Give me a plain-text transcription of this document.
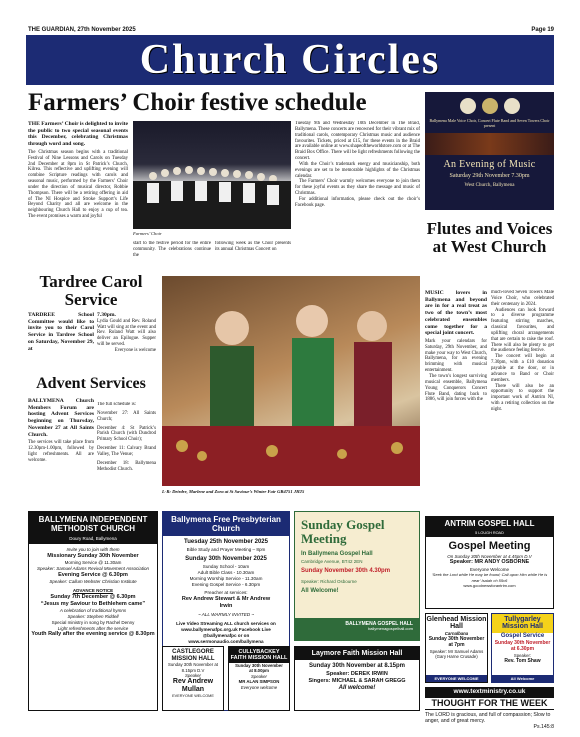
THE GUARDIAN, 27th November 2025	Page 19
Church Circles
Farmers’ Choir festive schedule

THE Farmers’ Choir is delighted to invite the public to two special seasonal events this December, celebrating Christmas through word and song.

The Christmas season begins with a traditional Festival of Nine Lessons and Carols on Tuesday 2nd December at 8pm in St Patrick’s Church, Kilrea. This reflective and uplifting evening will combine Scripture readings with carols and seasonal music, performed by the Farmers’ Choir under the direction of musical director, Robbie Thompson. There will be a retiring offering in aid of The NI Hospice and Stroke Support’s Life Beyond Charity and all are welcome in the neighbouring Church Hall to enjoy a cup of tea. The event promises a warm and joyful

Farmers’ Choir
start to the festive period for the entire community. The celebrations continue the
following week as the Choir presents its annual Christmas Concert on

Tuesday 9th and Wednesday 10th December in The Braid, Ballymena. These concerts are renowned for their vibrant mix of traditional carols, contemporary Christmas music and audience favourites. Tickets, priced at £15, for these events in the Braid are available online at www.shapeoftheworldstore.com or at The Braid Box Office. There will be light refreshments following the concert.

With the Choir’s trademark energy and musicianship, both evenings are set to be memorable highlights of the Christmas calendar.

The Farmers’ Choir warmly welcomes everyone to join them for these joyful events as they share the message and music of Christmas.

For additional information, please check out the choir’s Facebook page.

Ballymena Male Voice Choir, Concert Flute Band and Seven Towers Choir
present
An Evening of Music
Saturday 29th November 7.30pm
West Church, Ballymena
Tardree Carol Service

TARDREE School Committee would like to invite you to their Carol Service in Tardree School on Saturday, November 29, at

7.30pm.

Lydia Gould and Rev. Roland Watt will sing at the event and Rev. Roland Watt will also deliver an Epilogue. Supper will be served.

Everyone is welcome

Advent Services

BALLYMENA Church Members Forum are hosting Advent Services beginning on Thursday, November 27 at All Saints Church.

The services will take place from 12.30pm-1.00pm, followed by light refreshments. All are welcome.

The full schedule is:

November 27: All Saints Church;

December 4: St Patrick’s Parish Church (with Dundrod Primary School Choir);

December 11: Calvary Brand Valley, The Venue;

December 18: Ballymena Methodist Church.

L-R: Deirdre, Marlene and Zora at St Saviour’s Winter Fair GB4751 JH25
Flutes and Voices at West Church

MUSIC lovers in Ballymena and beyond are in for a real treat as two of the town’s most celebrated ensembles come together for a special joint concert.

Mark your calendars for Saturday, 29th November, and make your way to West Church, Ballymena, for an evening brimming with musical entertainment.

The town’s longest surviving musical ensemble, Ballymena Young Conquerors Concert Flute Band, dating back to 1886, will join forces with the

much-loved Seven Towers Male Voice Choir, who celebrated their centenary in 2024.

Audiences can look forward to a diverse programme featuring stirring marches, classical favourites, and uplifting choral arrangements that are certain to raise the roof. There will also be plenty to get the audience feeling festive.

The concert will begin at 7.30pm, with a £10 donation payable at the door, or in advance to Band or Choir members.

There will also be an opportunity to support the important work of Antrim NI, with a retiring collection on the night.

BALLYMENA INDEPENDENT METHODIST CHURCH
Doury Road, Ballymena
Invite you to join with them
Missionary Sunday 30th November
Morning Service @ 11.30am
Speaker: Samuel Adams Revival Movement Association
Evening Service @ 6.30pm
Speaker: Callum Webster Christian Institute
ADVANCE NOTICE
Sunday 7th December @ 6.30pm
“Jesus my Saviour to Bethlehem came”
A celebration of traditional hymns
Speaker: Stephen Riddell
Special ministry in song by Rachel Denny
Light refreshments after the service
Youth Rally after the evening service @ 8.30pm
Ballymena Free Presbyterian Church
Tuesday 25th November 2025
Bible Study and Prayer Meeting – 8pm
Sunday 30th November 2025
Sunday School - 10am
Adult Bible Class - 10.30am
Morning Worship Service - 11.30am
Evening Gospel Service - 6.30pm
Preacher at services:
Rev Andrew Stewart & Mr Andrew Irwin
~ ALL WARMLY INVITED ~
Live Video Streaming ALL church services on www.ballymenafpc.org.uk Facebook Live @ballymenafpc or on www.sermonaudio.com/ballymena
Sunday Gospel Meeting
In Ballymena Gospel Hall
Cambridge Avenue, BT42 2EN
Sunday November 30th 4.30pm
Speaker: Richard Osbourne
All Welcome!
BALLYMENA GOSPEL HALL
ballymenagospelhall.com
ANTRIM GOSPEL HALL
5 LOUGH ROAD
Gospel Meeting
On Sunday 30th November at 4.45pm D.V
Speaker: MR ANDY OSBORNE
Everyone Welcome
‘Seek the Lord while He may be found; Call upon Him while He is near’ Isaiah ch 55v6
www.goodnewsforantrim.com
Glenhead Mission Hall
Carnalbana
Sunday 30th November at 7pm
Speaker: Mr Samuel Adams (Gary Harne Crusade)
EVERYONE WELCOME
Tullygarley Mission Hall
Gospel Service
Sunday 30th November at 6.30pm
Speaker:
Rev. Tom Shaw
All Welcome
CASTLEGORE MISSION HALL
Sunday 30th November at 8.15pm D.V
Speaker
Rev Andrew Mullan
EVERYONE WELCOME
CULLYBACKEY FAITH MISSION HALL
Sunday 30th November
at 8.00pm
Speaker
MR ALAN SIMPSON
Everyone welcome
Laymore Faith Mission Hall
Sunday 30th November at 8.15pm
Speaker: DEREK IRWIN
Singers: MICHAEL & SARAH GREGG
All welcome!	www.textministry.co.uk
THOUGHT FOR THE WEEK
The LORD is gracious, and full of compassion; Slow to anger, and of great mercy.
Ps.145:8
